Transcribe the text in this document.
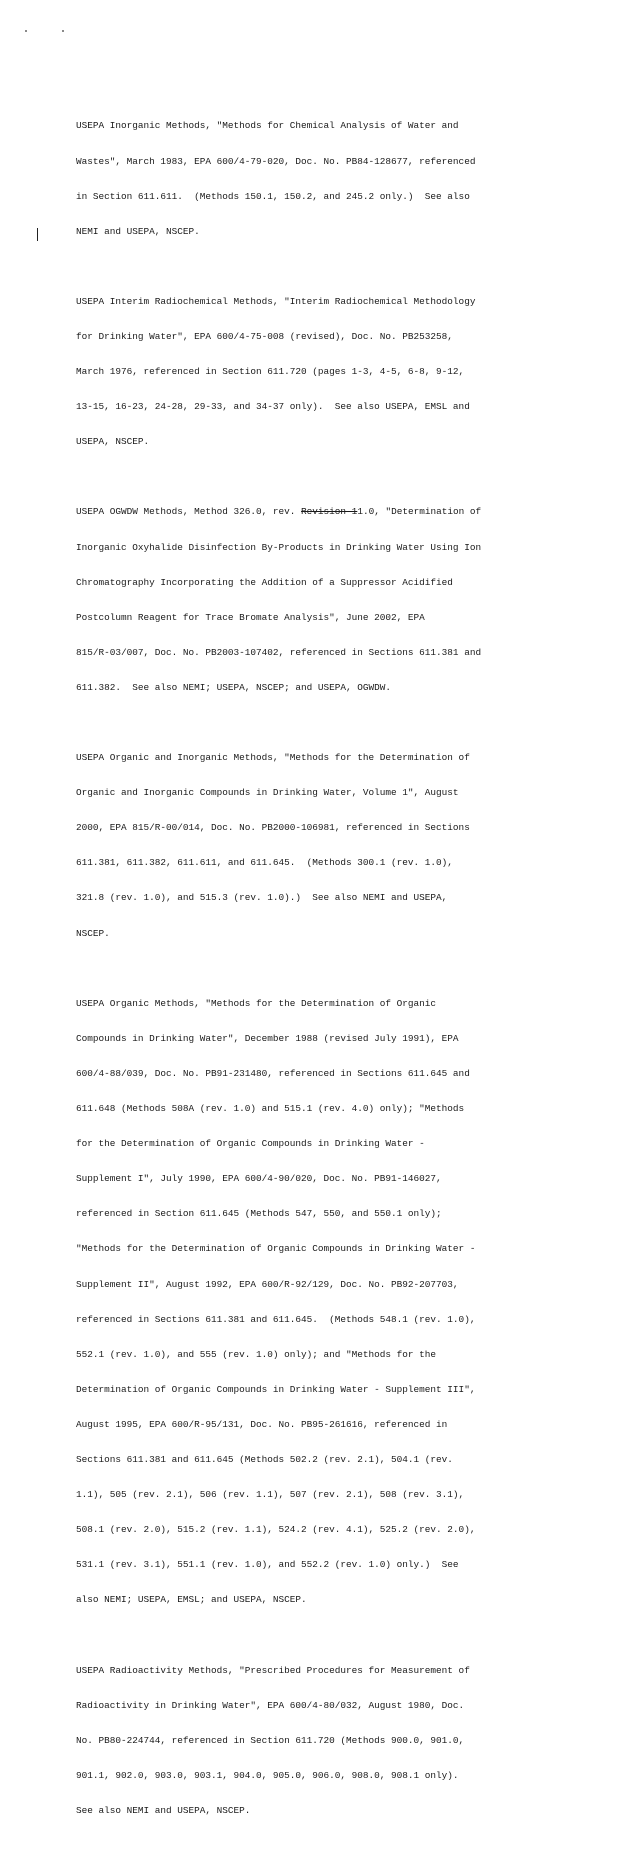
USEPA Inorganic Methods, "Methods for Chemical Analysis of Water and

Wastes", March 1983, EPA 600/4-79-020, Doc. No. PB84-128677, referenced

in Section 611.611.  (Methods 150.1, 150.2, and 245.2 only.)  See also

NEMI and USEPA, NSCEP.

USEPA Interim Radiochemical Methods, "Interim Radiochemical Methodology

for Drinking Water", EPA 600/4-75-008 (revised), Doc. No. PB253258,

March 1976, referenced in Section 611.720 (pages 1-3, 4-5, 6-8, 9-12,

13-15, 16-23, 24-28, 29-33, and 34-37 only).  See also USEPA, EMSL and

USEPA, NSCEP.

USEPA OGWDW Methods, Method 326.0, rev. Revision 11.0, "Determination of

Inorganic Oxyhalide Disinfection By-Products in Drinking Water Using Ion

Chromatography Incorporating the Addition of a Suppressor Acidified

Postcolumn Reagent for Trace Bromate Analysis", June 2002, EPA

815/R-03/007, Doc. No. PB2003-107402, referenced in Sections 611.381 and

611.382.  See also NEMI; USEPA, NSCEP; and USEPA, OGWDW.

USEPA Organic and Inorganic Methods, "Methods for the Determination of

Organic and Inorganic Compounds in Drinking Water, Volume 1", August

2000, EPA 815/R-00/014, Doc. No. PB2000-106981, referenced in Sections

611.381, 611.382, 611.611, and 611.645.  (Methods 300.1 (rev. 1.0),

321.8 (rev. 1.0), and 515.3 (rev. 1.0).)  See also NEMI and USEPA,

NSCEP.

USEPA Organic Methods, "Methods for the Determination of Organic

Compounds in Drinking Water", December 1988 (revised July 1991), EPA

600/4-88/039, Doc. No. PB91-231480, referenced in Sections 611.645 and

611.648 (Methods 508A (rev. 1.0) and 515.1 (rev. 4.0) only); "Methods

for the Determination of Organic Compounds in Drinking Water -

Supplement I", July 1990, EPA 600/4-90/020, Doc. No. PB91-146027,

referenced in Section 611.645 (Methods 547, 550, and 550.1 only);

"Methods for the Determination of Organic Compounds in Drinking Water -

Supplement II", August 1992, EPA 600/R-92/129, Doc. No. PB92-207703,

referenced in Sections 611.381 and 611.645.  (Methods 548.1 (rev. 1.0),

552.1 (rev. 1.0), and 555 (rev. 1.0) only); and "Methods for the

Determination of Organic Compounds in Drinking Water - Supplement III",

August 1995, EPA 600/R-95/131, Doc. No. PB95-261616, referenced in

Sections 611.381 and 611.645 (Methods 502.2 (rev. 2.1), 504.1 (rev.

1.1), 505 (rev. 2.1), 506 (rev. 1.1), 507 (rev. 2.1), 508 (rev. 3.1),

508.1 (rev. 2.0), 515.2 (rev. 1.1), 524.2 (rev. 4.1), 525.2 (rev. 2.0),

531.1 (rev. 3.1), 551.1 (rev. 1.0), and 552.2 (rev. 1.0) only.)  See

also NEMI; USEPA, EMSL; and USEPA, NSCEP.

USEPA Radioactivity Methods, "Prescribed Procedures for Measurement of

Radioactivity in Drinking Water", EPA 600/4-80/032, August 1980, Doc.

No. PB80-224744, referenced in Section 611.720 (Methods 900.0, 901.0,

901.1, 902.0, 903.0, 903.1, 904.0, 905.0, 906.0, 908.0, 908.1 only).

See also NEMI and USEPA, NSCEP.
